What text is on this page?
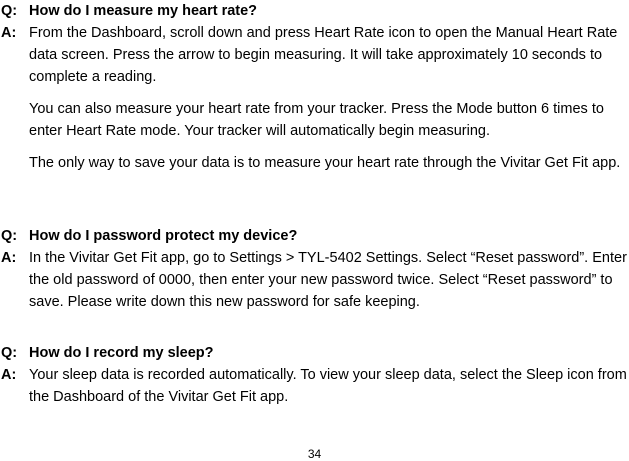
Q: How do I measure my heart rate?
A: From the Dashboard, scroll down and press Heart Rate icon to open the Manual Heart Rate data screen. Press the arrow to begin measuring. It will take approximately 10 seconds to complete a reading.
You can also measure your heart rate from your tracker. Press the Mode button 6 times to enter Heart Rate mode. Your tracker will automatically begin measuring.
The only way to save your data is to measure your heart rate through the Vivitar Get Fit app.
Q: How do I password protect my device?
A: In the Vivitar Get Fit app, go to Settings > TYL-5402 Settings. Select “Reset password”. Enter the old password of 0000, then enter your new password twice. Select “Reset password” to save. Please write down this new password for safe keeping.
Q: How do I record my sleep?
A: Your sleep data is recorded automatically. To view your sleep data, select the Sleep icon from the Dashboard of the Vivitar Get Fit app.
34
